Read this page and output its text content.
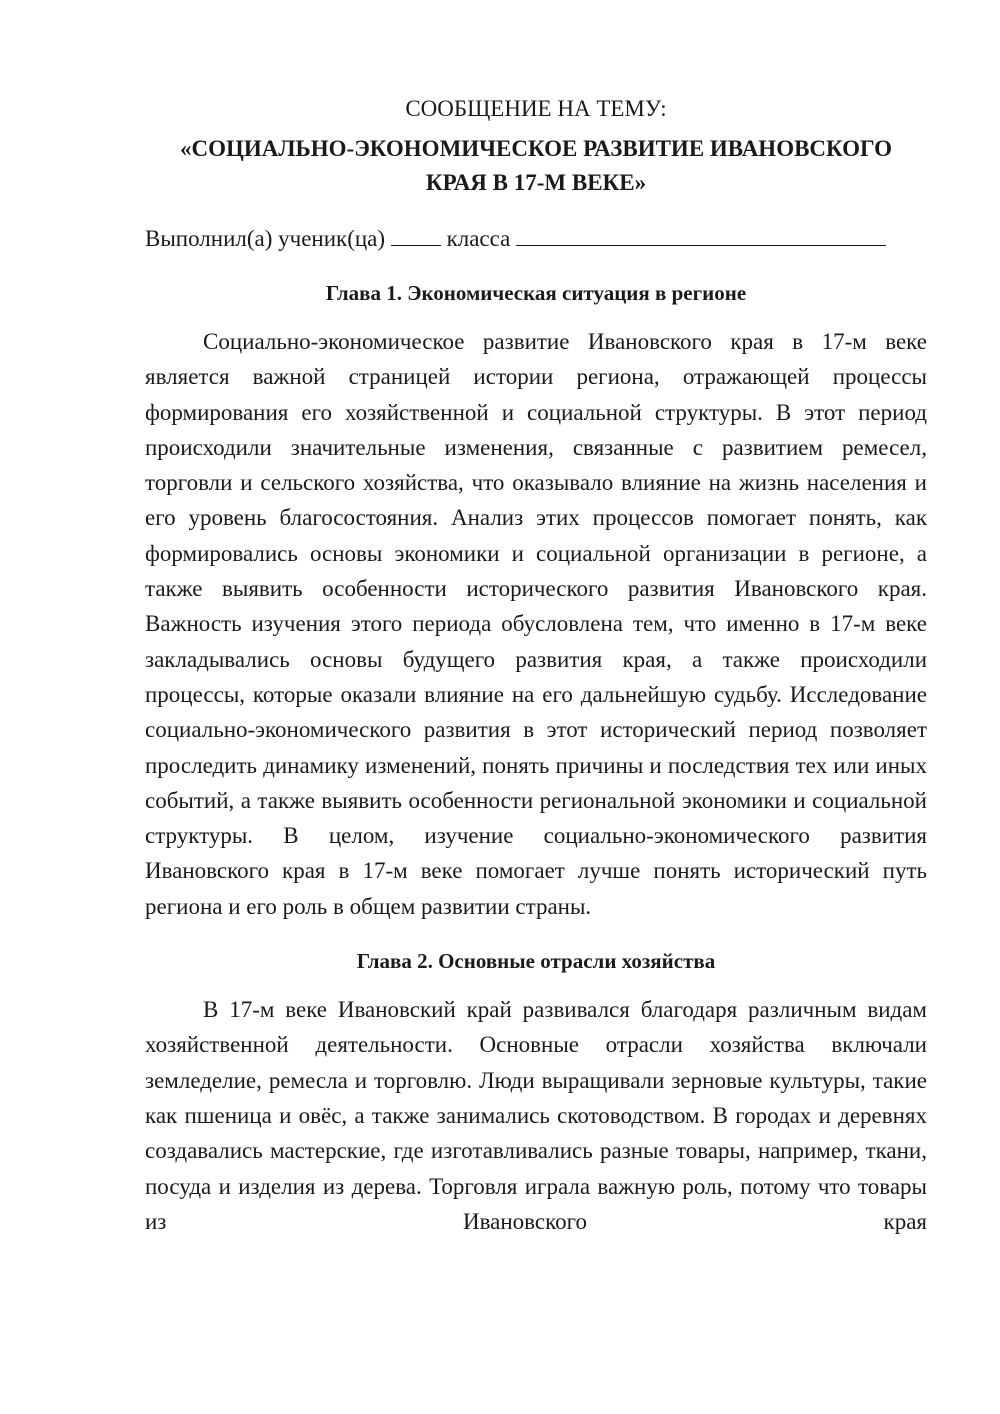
СООБЩЕНИЕ НА ТЕМУ:

«СОЦИАЛЬНО-ЭКОНОМИЧЕСКОЕ РАЗВИТИЕ ИВАНОВСКОГО
КРАЯ В 17-М ВЕКЕ»

Выполнил(а) ученик(ца)	класса

Глава 1. Экономическая ситуация в регионе

Социально-экономическое развитие Ивановского края в 17-м веке является важной страницей истории региона, отражающей процессы формирования его хозяйственной и социальной структуры. В этот период происходили значительные изменения, связанные с развитием ремесел, торговли и сельского хозяйства, что оказывало влияние на жизнь населения и его уровень благосостояния. Анализ этих процессов помогает понять, как формировались основы экономики и социальной организации в регионе, а также выявить особенности исторического развития Ивановского края. Важность изучения этого периода обусловлена тем, что именно в 17-м веке закладывались основы будущего развития края, а также происходили процессы, которые оказали влияние на его дальнейшую судьбу. Исследование социально-экономического развития в этот исторический период позволяет проследить динамику изменений, понять причины и последствия тех или иных событий, а также выявить особенности региональной экономики и социальной структуры. В целом, изучение социально-экономического развития Ивановского края в 17-м веке помогает лучше понять исторический путь региона и его роль в общем развитии страны.

Глава 2. Основные отрасли хозяйства

В 17-м веке Ивановский край развивался благодаря различным видам хозяйственной деятельности. Основные отрасли хозяйства включали земледелие, ремесла и торговлю. Люди выращивали зерновые культуры, такие как пшеница и овёс, а также занимались скотоводством. В городах и деревнях создавались мастерские, где изготавливались разные товары, например, ткани, посуда и изделия из дерева. Торговля играла важную роль, потому что товары из Ивановского края
